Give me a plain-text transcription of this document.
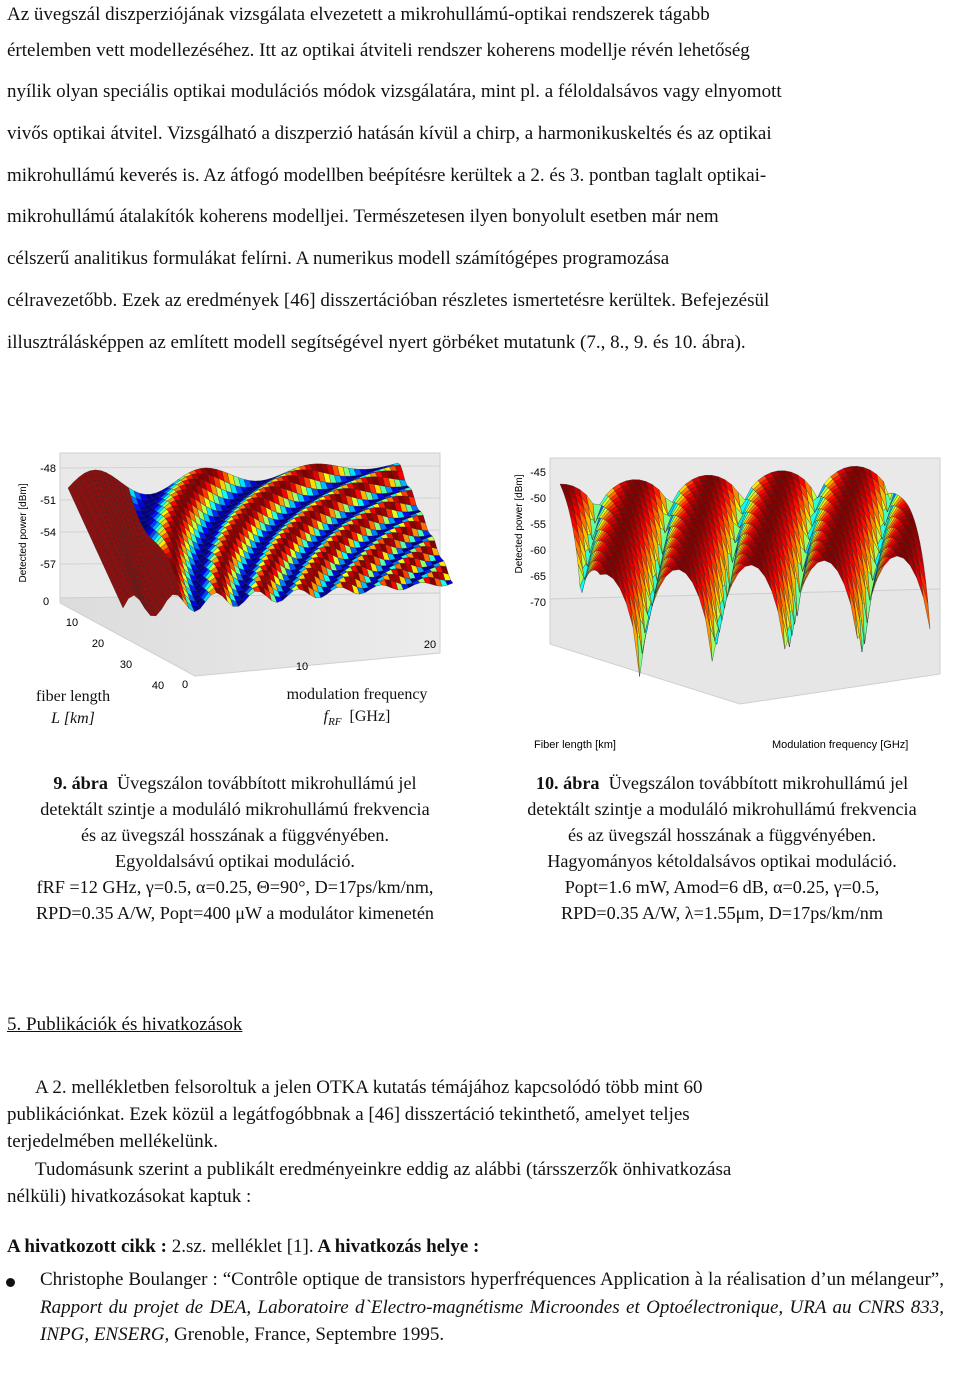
Az üvegszál diszperziójának vizsgálata elvezetett a mikrohullámú-optikai rendszerek tágabb
értelemben vett modellezéséhez. Itt az optikai átviteli rendszer koherens modellje révén lehetőség
nyílik olyan speciális optikai modulációs módok vizsgálatára, mint pl. a féloldalsávos vagy elnyomott
vivős optikai átvitel. Vizsgálható a diszperzió hatásán kívül a chirp, a harmonikuskeltés és az optikai
mikrohullámú keverés is. Az átfogó modellben beépítésre kerültek a 2. és 3. pontban taglalt optikai-
mikrohullámú átalakítók koherens modelljei. Természetesen ilyen bonyolult esetben már nem
célszerű analitikus formulákat felírni. A numerikus modell számítógépes programozása
célravezetőbb. Ezek az eredmények [46] disszertációban részletes ismertetésre kerültek. Befejezésül
illusztrálásképpen az említett modell segítségével nyert görbéket mutatunk (7., 8., 9. és 10. ábra).
-48
-51
-54
-57
Detected power [dBm]
0
10
20
30
40 0
10
20
fiber length
L [km]
modulation frequency
$f_{RF}$ [GHz]
-45
-50
-55
-60
-65
-70
Detected power [dBm]
Fiber length [km]	Modulation frequency [GHz]
9. ábra Üvegszálon továbbított mikrohullámú jel
detektált szintje a moduláló mikrohullámú frekvencia
és az üvegszál hosszának a függvényében.
Egyoldalsávú optikai moduláció.
fRF =12 GHz, γ=0.5, α=0.25, Θ=90°, D=17ps/km/nm,
RPD=0.35 A/W, Popt=400 μW a modulátor kimenetén
10. ábra Üvegszálon továbbított mikrohullámú jel
detektált szintje a moduláló mikrohullámú frekvencia
és az üvegszál hosszának a függvényében.
Hagyományos kétoldalsávos optikai moduláció.
Popt=1.6 mW, Amod=6 dB, α=0.25, γ=0.5,
RPD=0.35 A/W, λ=1.55μm, D=17ps/km/nm
5. Publikációk és hivatkozások
A 2. mellékletben felsoroltuk a jelen OTKA kutatás témájához kapcsolódó több mint 60
publikációnkat. Ezek közül a legátfogóbbnak a [46] disszertáció tekinthető, amelyet teljes
terjedelmében mellékelünk.
Tudomásunk szerint a publikált eredményeinkre eddig az alábbi (társszerzők önhivatkozása
nélküli) hivatkozásokat kaptuk :
A hivatkozott cikk : 2.sz. melléklet [1]. A hivatkozás helye :
Christophe Boulanger : “Contrôle optique de transistors hyperfréquences Application à la réalisation d’un mélangeur”, Rapport du projet de DEA, Laboratoire d`Electro-magnétisme Microondes et Optoélectronique, URA au CNRS 833, INPG, ENSERG, Grenoble, France, Septembre 1995.
